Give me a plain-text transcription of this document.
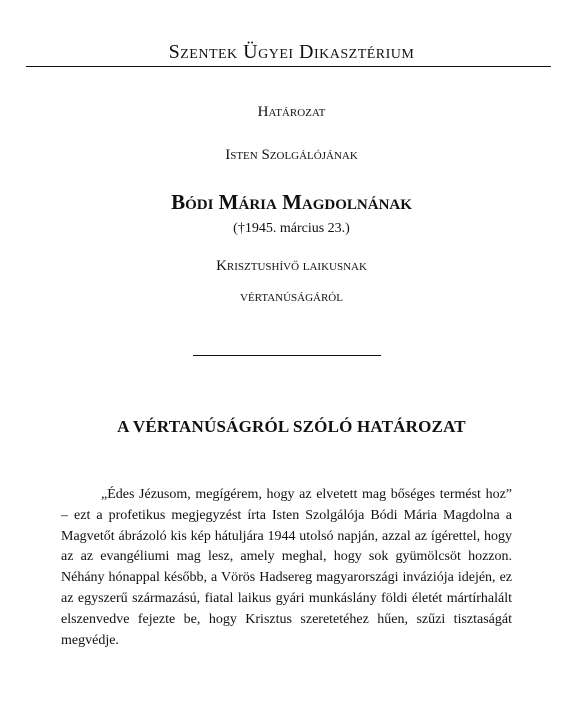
Szentek Ügyei Dikasztérium
Határozat
Isten Szolgálójának
Bódi Mária Magdolnának
(†1945. március 23.)
Krisztushívő laikusnak
vértanúságáról
A VÉRTANÚSÁGRÓL SZÓLÓ HATÁROZAT

„Édes Jézusom, megígérem, hogy az elvetett mag bőséges termést hoz” – ezt a profetikus megjegyzést írta Isten Szolgálója Bódi Mária Magdolna a Magvetőt ábrázoló kis kép hátuljára 1944 utolsó napján, azzal az ígérettel, hogy az az evangéliumi mag lesz, amely meghal, hogy sok gyümölcsöt hozzon. Néhány hónappal később, a Vörös Hadsereg magyarországi inváziója idején, ez az egyszerű származású, fiatal laikus gyári munkáslány földi életét mártírhalált elszenvedve fejezte be, hogy Krisztus szeretetéhez hűen, szűzi tisztaságát megvédje.
